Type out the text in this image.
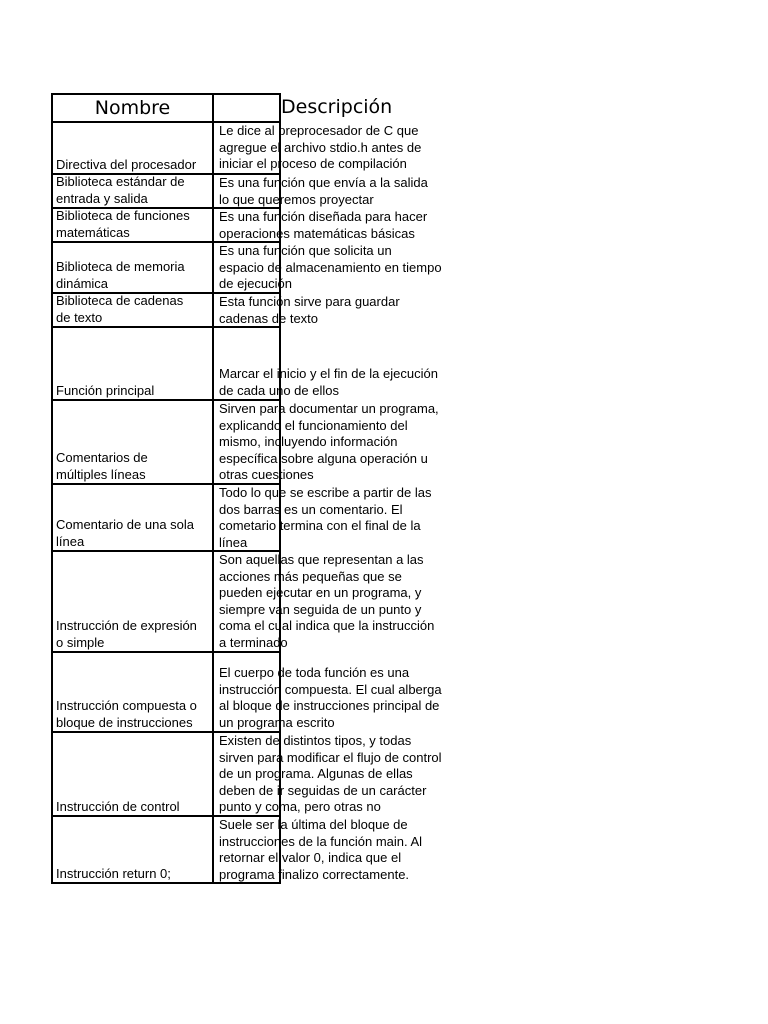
Nombre	Descripción
Directiva del procesador
Le dice al preprocesador de C que
agregue el archivo stdio.h antes de
iniciar el proceso de compilación
Biblioteca estándar de
entrada y salida
Es una función que envía a la salida
lo que queremos proyectar
Biblioteca de funciones
matemáticas
Es una función diseñada para hacer
operaciones matemáticas básicas
Biblioteca de memoria
dinámica
Es una función que solicita un
espacio de almacenamiento en tiempo
de ejecución
Biblioteca de cadenas
de texto
Esta función sirve para guardar
cadenas de texto
Función principal
Marcar el inicio y el fin de la ejecución
de cada uno de ellos
Comentarios de
múltiples líneas
Sirven para documentar un programa,
explicando el funcionamiento del
mismo, incluyendo información
específica sobre alguna operación u
otras cuestiones
Comentario de una sola
línea
Todo lo que se escribe a partir de las
dos barras es un comentario. El
cometario termina con el final de la
línea
Instrucción de expresión
o simple
Son aquellas que representan a las
acciones más pequeñas que se
pueden ejecutar en un programa, y
siempre van seguida de un punto y
coma el cual indica que la instrucción
a terminado
Instrucción compuesta o
bloque de instrucciones
El cuerpo de toda función es una
instrucción compuesta. El cual alberga
al bloque de instrucciones principal de
un programa escrito
Instrucción de control
Existen de distintos tipos, y todas
sirven para modificar el flujo de control
de un programa. Algunas de ellas
deben de ir seguidas de un carácter
punto y coma, pero otras no
Instrucción return 0;
Suele ser la última del bloque de
instrucciones de la función main. Al
retornar el valor 0, indica que el
programa finalizo correctamente.
